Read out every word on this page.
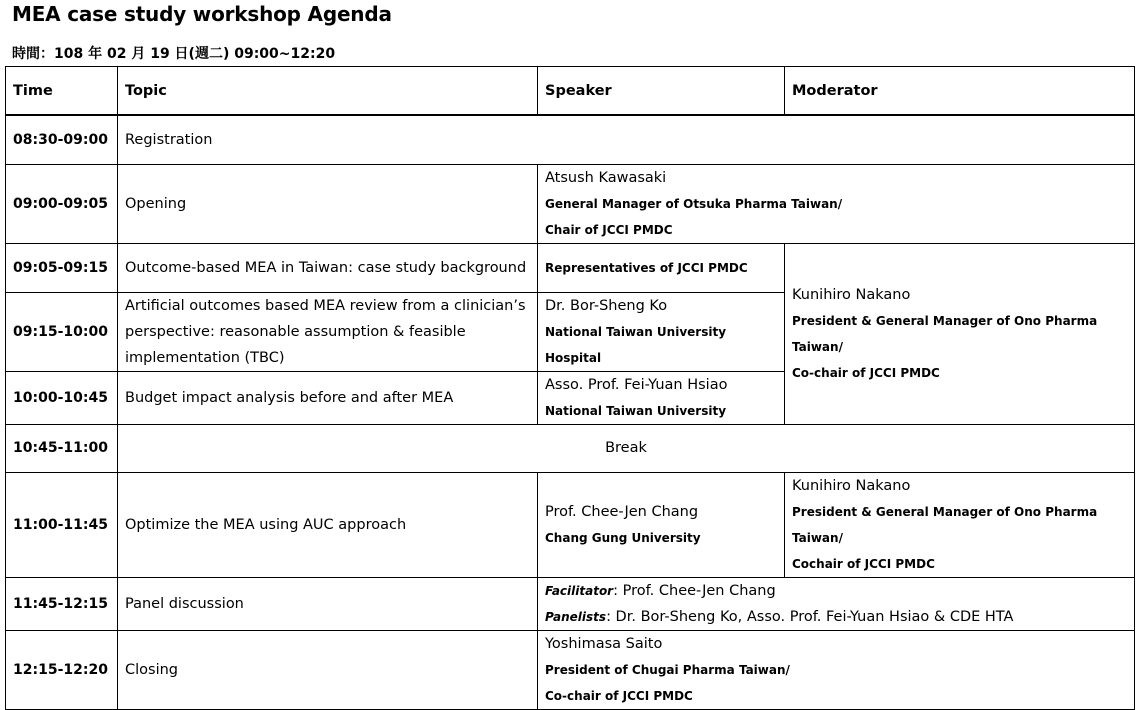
MEA case study workshop Agenda
時間：108 年 02 月 19 日(週二) 09:00~12:20
Time	Topic	Speaker	Moderator
08:30-09:00	Registration		
09:00-09:05	Opening	Atsush Kawasaki
General Manager of Otsuka Pharma Taiwan/
Chair of JCCI PMDC	

09:05-09:15	Outcome-based MEA in Taiwan: case study background	Representatives of JCCI PMDC	Kunihiro Nakano
President & General Manager of Ono Pharma Taiwan/
Co-chair of JCCI PMDC

09:15-10:00	Artificial outcomes based MEA review from a clinician’s perspective: reasonable assumption & feasible implementation (TBC)	Dr. Bor-Sheng Ko
National Taiwan University Hospital	

10:00-10:45	Budget impact analysis before and after MEA	Asso. Prof. Fei-Yuan Hsiao
National Taiwan University	

10:45-11:00	Break		
11:00-11:45	Optimize the MEA using AUC approach	Prof. Chee-Jen Chang
Chang Gung University	Kunihiro Nakano
President & General Manager of Ono Pharma Taiwan/
Cochair of JCCI PMDC

11:45-12:15	Panel discussion	Facilitator: Prof. Chee-Jen Chang
Panelists: Dr. Bor-Sheng Ko, Asso. Prof. Fei-Yuan Hsiao & CDE HTA	

12:15-12:20	Closing	Yoshimasa Saito
President of Chugai Pharma Taiwan/
Co-chair of JCCI PMDC	
